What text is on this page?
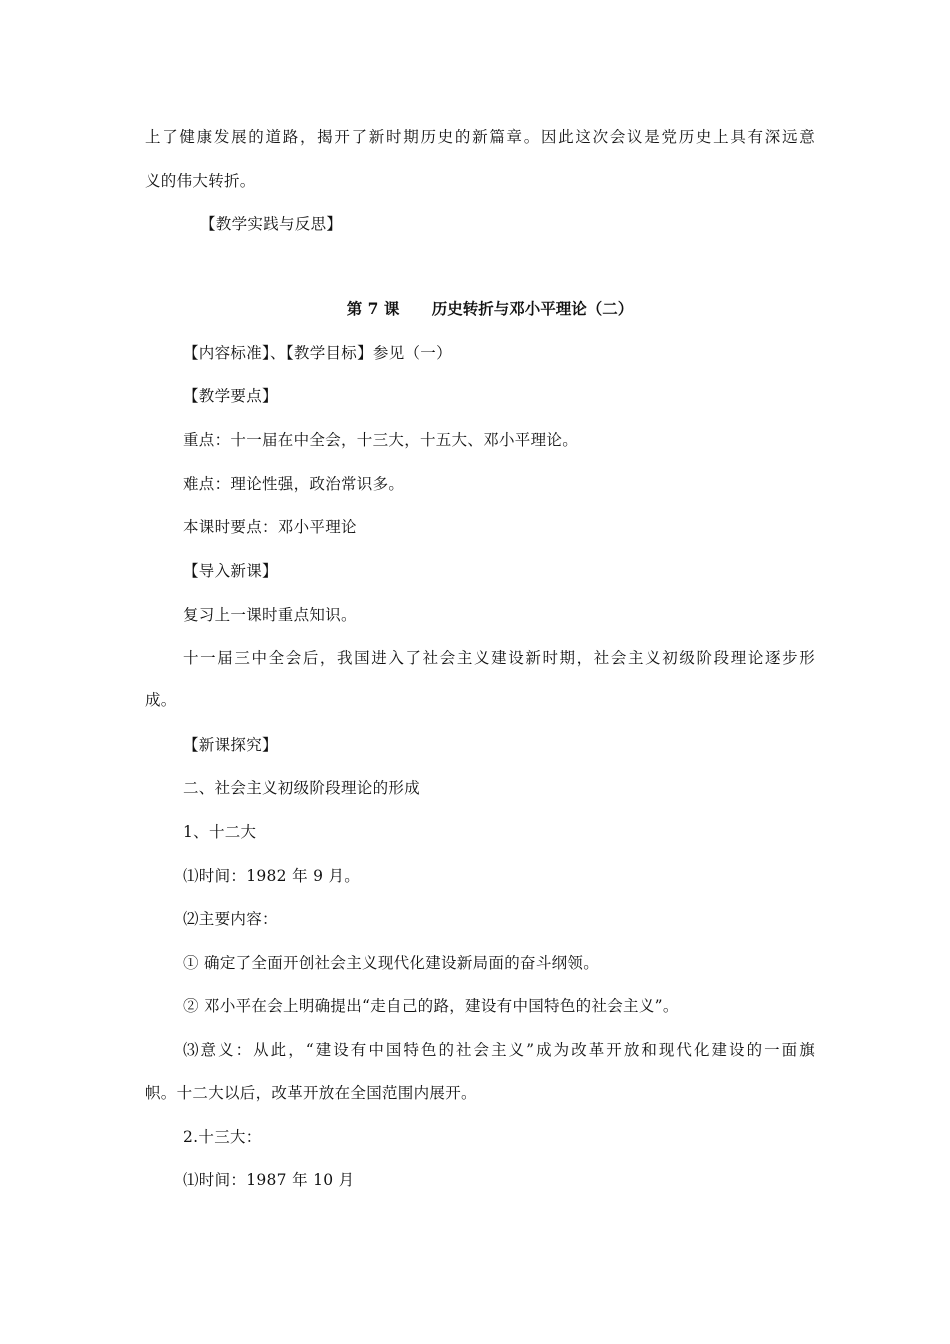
上了健康发展的道路，揭开了新时期历史的新篇章。因此这次会议是党历史上具有深远意
义的伟大转折。
【教学实践与反思】
第 7 课      历史转折与邓小平理论（二）
【内容标准】、【教学目标】参见（一）
【教学要点】
重点：十一届在中全会，十三大，十五大、邓小平理论。
难点：理论性强，政治常识多。
本课时要点：邓小平理论
【导入新课】
复习上一课时重点知识。
十一届三中全会后，我国进入了社会主义建设新时期，社会主义初级阶段理论逐步形
成。
【新课探究】
二、社会主义初级阶段理论的形成
1、十二大
⑴时间：1982 年 9 月。
⑵主要内容：
① 确定了全面开创社会主义现代化建设新局面的奋斗纲领。
② 邓小平在会上明确提出“走自己的路，建设有中国特色的社会主义”。
⑶意义：从此，“建设有中国特色的社会主义”成为改革开放和现代化建设的一面旗
帜。十二大以后，改革开放在全国范围内展开。
2.十三大：
⑴时间：1987 年 10 月
